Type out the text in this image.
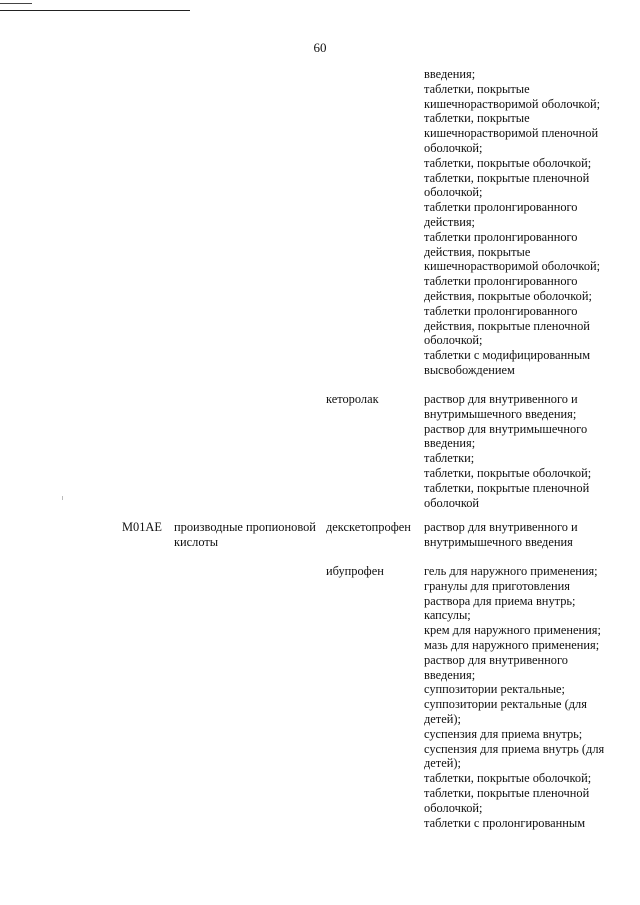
60
введения;
таблетки, покрытые
кишечнорастворимой оболочкой;
таблетки, покрытые
кишечнорастворимой пленочной
оболочкой;
таблетки, покрытые оболочкой;
таблетки, покрытые пленочной
оболочкой;
таблетки пролонгированного
действия;
таблетки пролонгированного
действия, покрытые
кишечнорастворимой оболочкой;
таблетки пролонгированного
действия, покрытые оболочкой;
таблетки пролонгированного
действия, покрытые пленочной
оболочкой;
таблетки с модифицированным
высвобождением
кеторолак	раствор для внутривенного и
внутримышечного введения;
раствор для внутримышечного
введения;
таблетки;
таблетки, покрытые оболочкой;
таблетки, покрытые пленочной
оболочкой
M01AE производные пропионовой
кислоты
декскетопрофен раствор для внутривенного и
внутримышечного введения
ибупрофен	гель для наружного применения;
гранулы для приготовления
раствора для приема внутрь;
капсулы;
крем для наружного применения;
мазь для наружного применения;
раствор для внутривенного
введения;
суппозитории ректальные;
суппозитории ректальные (для
детей);
суспензия для приема внутрь;
суспензия для приема внутрь (для
детей);
таблетки, покрытые оболочкой;
таблетки, покрытые пленочной
оболочкой;
таблетки с пролонгированным
